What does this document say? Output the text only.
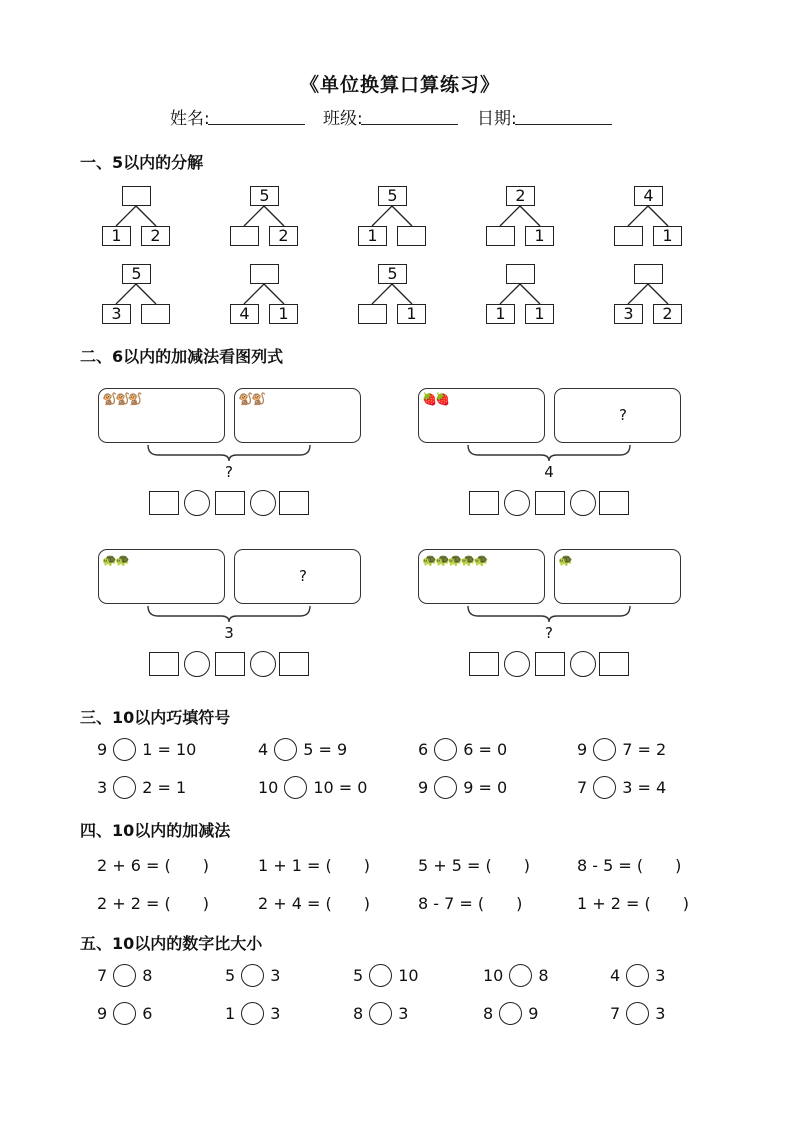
《单位换算口算练习》
姓名:	班级:	日期:
一、5以内的分解
二、6以内的加减法看图列式
三、10以内巧填符号
四、10以内的加减法
五、10以内的数字比大小
1	2
5
2
5
1
2
1
4
1
5
3	4	1
5
1	1	1	3	2
🐒🐒🐒	🐒🐒
?
🍓🍓
?
4
🐢🐢
?
3
🐢🐢🐢🐢🐢	🐢
?
9 1 = 10	4 5 = 9	6 6 = 0	9 7 = 2
3 2 = 1	10 10 = 0	9 9 = 0	7 3 = 4
2 + 6 = (　　)	1 + 1 = (　　)	5 + 5 = (　　)	8 - 5 = (　　)
2 + 2 = (　　)	2 + 4 = (　　)	8 - 7 = (　　)	1 + 2 = (　　)
7 8	5 3	5 10	10 8	4 3
9 6	1 3	8 3	8 9	7 3
